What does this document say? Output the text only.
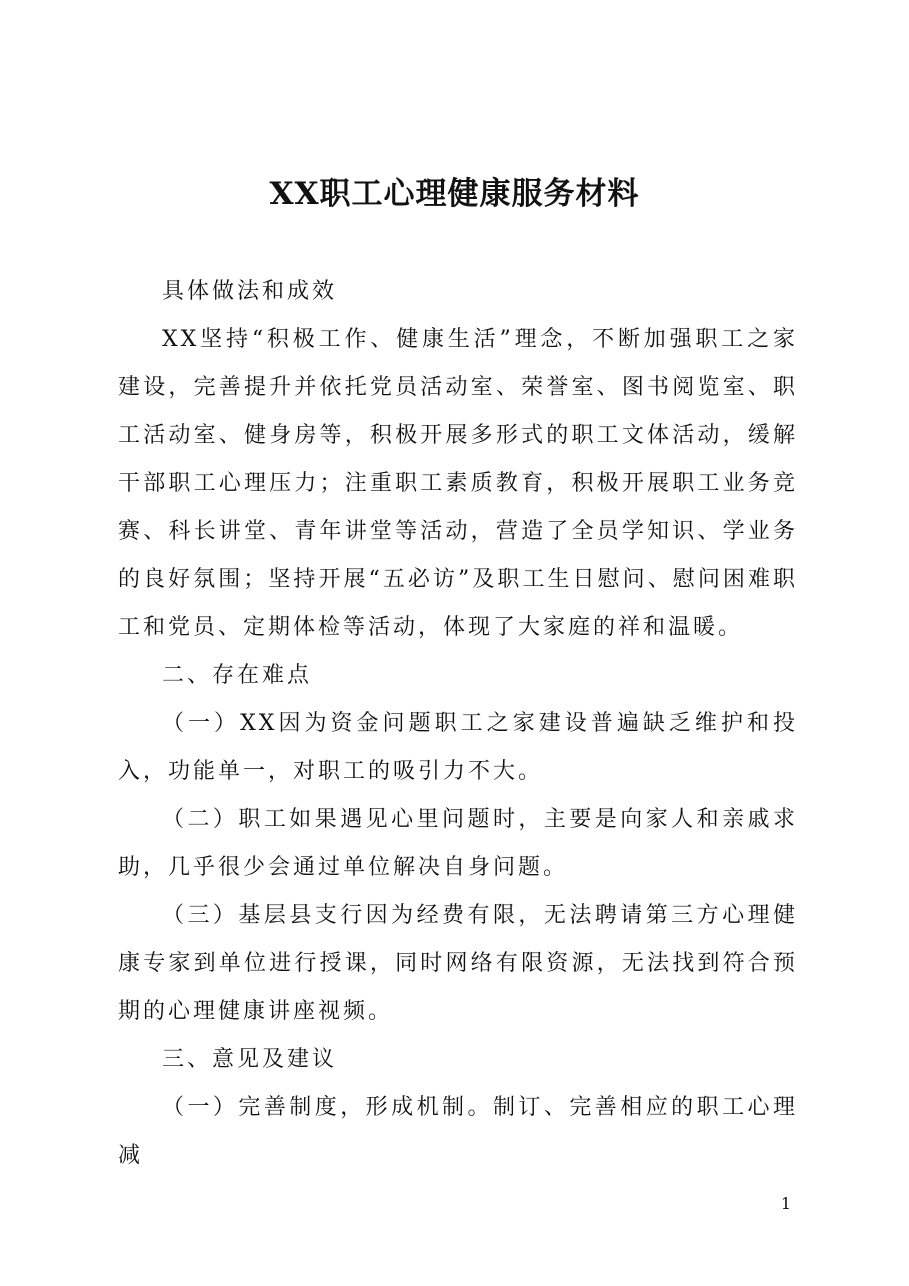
XX职工心理健康服务材料

具体做法和成效

XX坚持“积极工作、健康生活”理念，不断加强职工之家建设，完善提升并依托党员活动室、荣誉室、图书阅览室、职工活动室、健身房等，积极开展多形式的职工文体活动，缓解干部职工心理压力；注重职工素质教育，积极开展职工业务竞赛、科长讲堂、青年讲堂等活动，营造了全员学知识、学业务的良好氛围；坚持开展“五必访”及职工生日慰问、慰问困难职工和党员、定期体检等活动，体现了大家庭的祥和温暖。

二、存在难点

（一）XX因为资金问题职工之家建设普遍缺乏维护和投入，功能单一，对职工的吸引力不大。

（二）职工如果遇见心里问题时，主要是向家人和亲戚求助，几乎很少会通过单位解决自身问题。

（三）基层县支行因为经费有限，无法聘请第三方心理健康专家到单位进行授课，同时网络有限资源，无法找到符合预期的心理健康讲座视频。

三、意见及建议

（一）完善制度，形成机制。制订、完善相应的职工心理减

1
